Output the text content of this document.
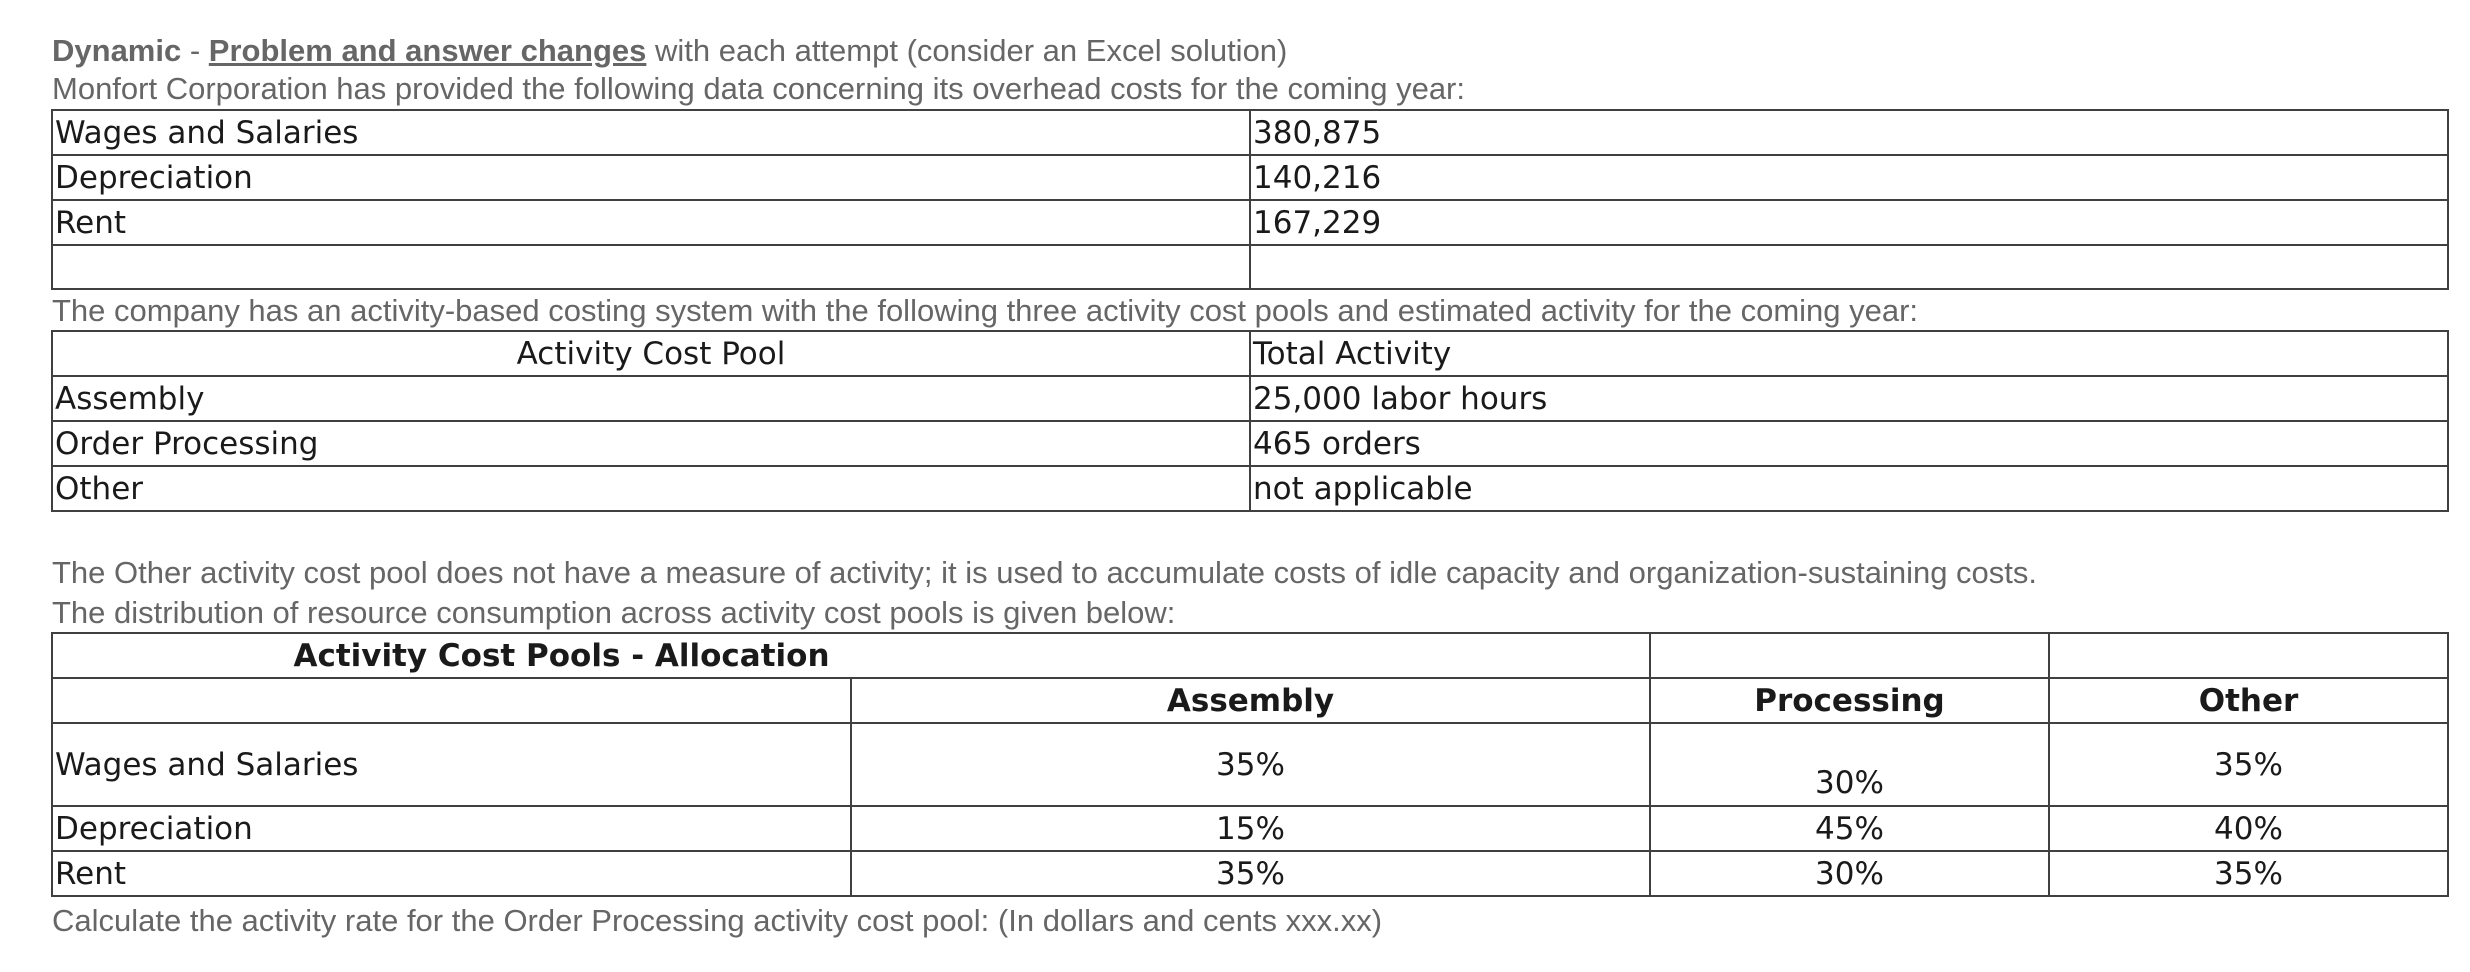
Dynamic - Problem and answer changes with each attempt (consider an Excel solution)

Monfort Corporation has provided the following data concerning its overhead costs for the coming year:

Wages and Salaries	380,875
Depreciation	140,216
Rent	167,229

The company has an activity-based costing system with the following three activity cost pools and estimated activity for the coming year:

Activity Cost Pool	Total Activity
Assembly	25,000 labor hours
Order Processing	465 orders
Other	not applicable

The Other activity cost pool does not have a measure of activity; it is used to accumulate costs of idle capacity and organization-sustaining costs.

The distribution of resource consumption across activity cost pools is given below:

Activity Cost Pools - Allocation			
	Assembly	Processing	Other
Wages and Salaries	35%	30%	35%
Depreciation	15%	45%	40%
Rent	35%	30%	35%

Calculate the activity rate for the Order Processing activity cost pool: (In dollars and cents xxx.xx)
